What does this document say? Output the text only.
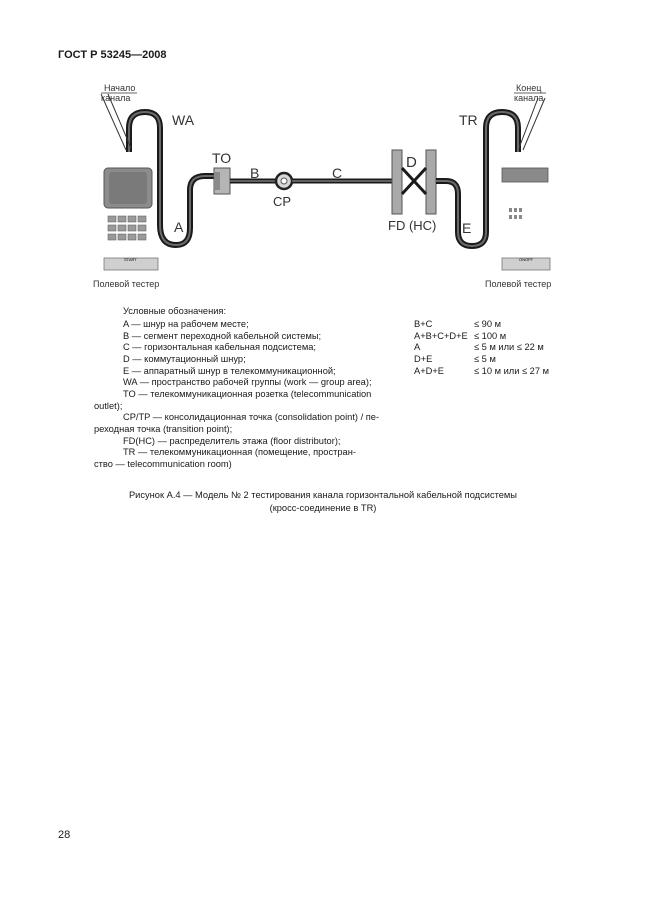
ГОСТ Р 53245—2008
START	ONOFF
Начало
канала
Конец
канала
WA	TR
TO
B	C
CP
D
FD (HC)
A	E
Полевой тестер	Полевой тестер
Условные обозначения:
A — шнур на рабочем месте;
B — сегмент переходной кабельной системы;
C — горизонтальная кабельная подсистема;
D — коммутационный шнур;
E — аппаратный шнур в телекоммуникационной;
WA — пространство рабочей группы (work — group area);
TO — телекоммуникационная розетка (telecommunication
outlet);
CP/TP — консолидационная точка (consolidation point) / пе-
реходная точка (transition point);
FD(HC) — распределитель этажа (floor distributor);
TR — телекоммуникационная (помещение, простран-
ство — telecommunication room)
B+C	≤ 90 м
A+B+C+D+E ≤ 100 м
A	≤ 5 м или ≤ 22 м
D+E	≤ 5 м
A+D+E	≤ 10 м или ≤ 27 м
Рисунок А.4 — Модель № 2 тестирования канала горизонтальной кабельной подсистемы
(кросс-соединение в TR)
28
